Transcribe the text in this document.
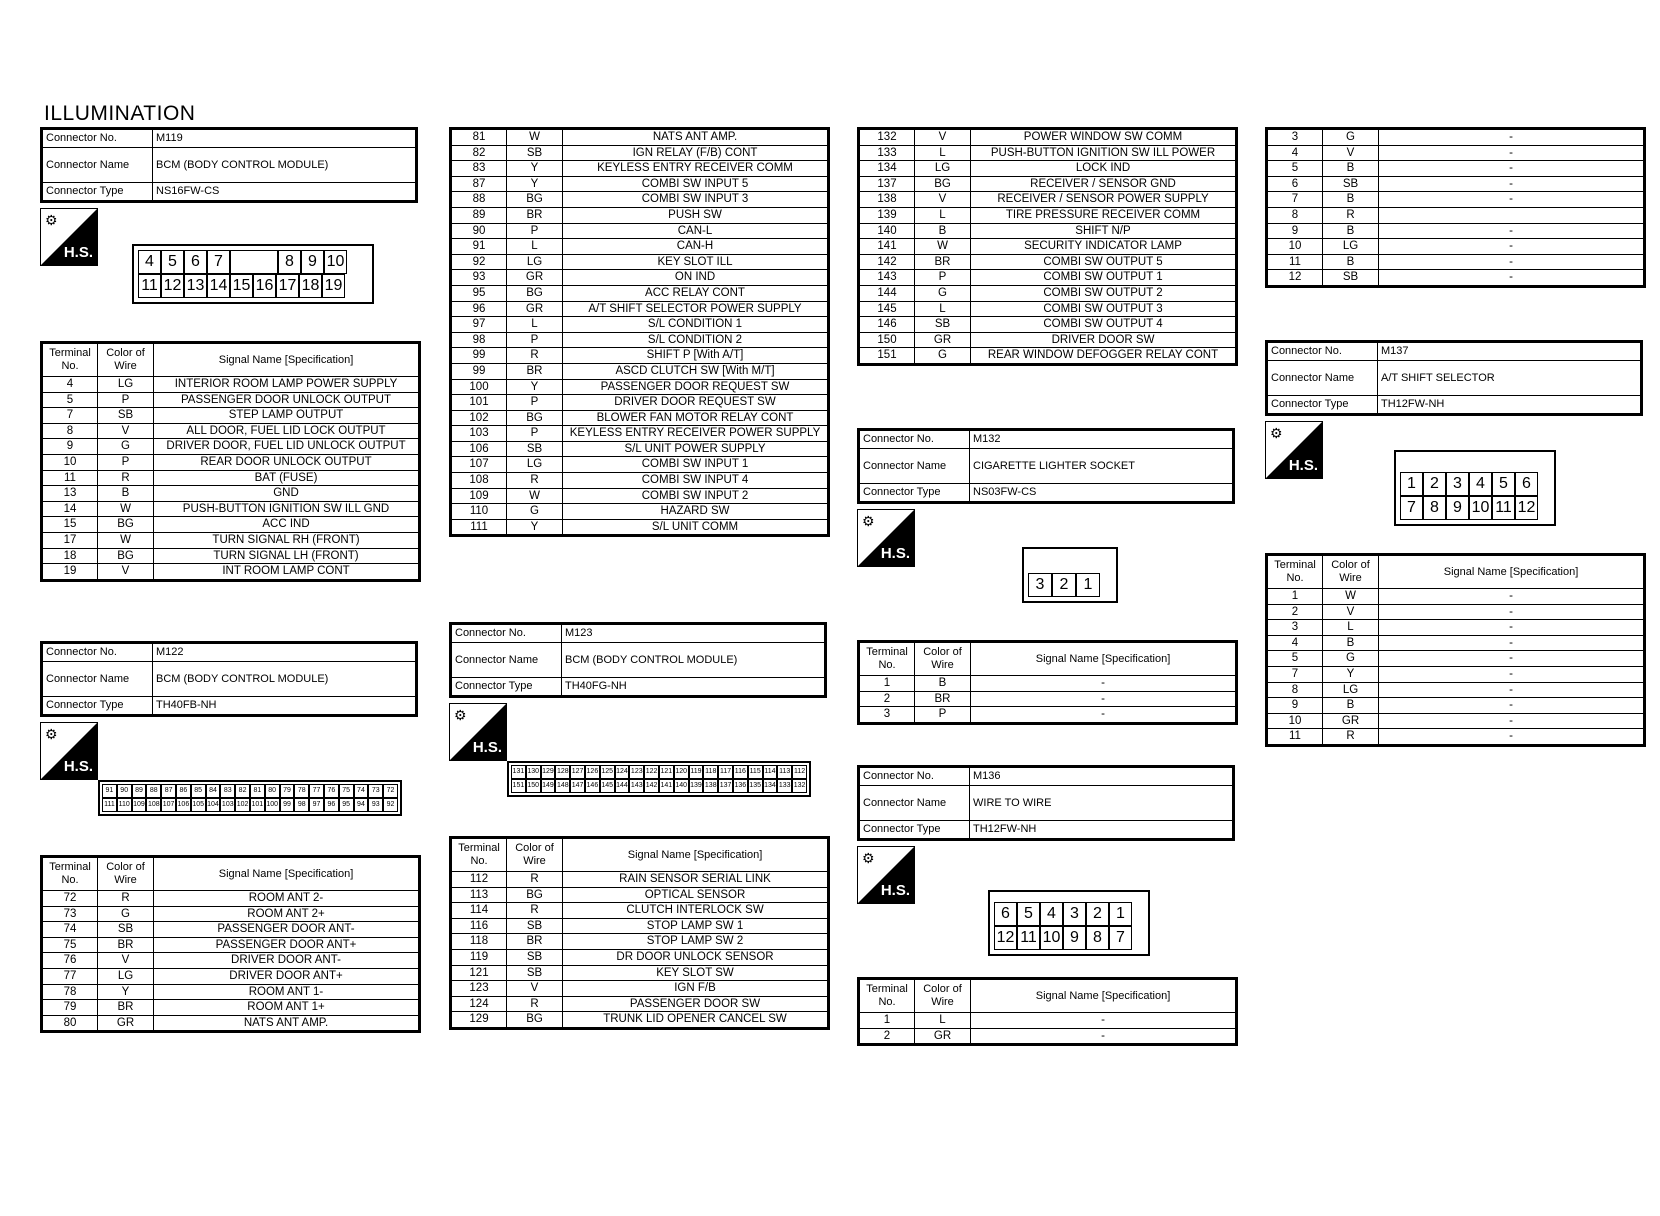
ILLUMINATION
Connector No.	M119
Connector Name	BCM (BODY CONTROL MODULE)
Connector Type	NS16FW-CS
⚙
H.S.
4 5 6 7	8 9 10
11 12 13 14 15 16 17 18 19
Terminal No.	Color of Wire	Signal Name [Specification]
4	LG	INTERIOR ROOM LAMP POWER SUPPLY
5	P	PASSENGER DOOR UNLOCK OUTPUT
7	SB	STEP LAMP OUTPUT
8	V	ALL DOOR, FUEL LID LOCK OUTPUT
9	G	DRIVER DOOR, FUEL LID UNLOCK OUTPUT
10	P	REAR DOOR UNLOCK OUTPUT
11	R	BAT (FUSE)
13	B	GND
14	W	PUSH-BUTTON IGNITION SW ILL GND
15	BG	ACC IND
17	W	TURN SIGNAL RH (FRONT)
18	BG	TURN SIGNAL LH (FRONT)
19	V	INT ROOM LAMP CONT
Connector No.	M122
Connector Name	BCM (BODY CONTROL MODULE)
Connector Type	TH40FB-NH
⚙
H.S.
91	90	89	88	87	86	85	84	83	82	81	80	79	78	77	76	75	74	73	72
111 110 109 108 107 106 105 104 103 102 101 100 99	98	97	96	95	94	93	92
Terminal No.	Color of Wire	Signal Name [Specification]
72	R	ROOM ANT 2-
73	G	ROOM ANT 2+
74	SB	PASSENGER DOOR ANT-
75	BR	PASSENGER DOOR ANT+
76	V	DRIVER DOOR ANT-
77	LG	DRIVER DOOR ANT+
78	Y	ROOM ANT 1-
79	BR	ROOM ANT 1+
80	GR	NATS ANT AMP.
81	W	NATS ANT AMP.
82	SB	IGN RELAY (F/B) CONT
83	Y	KEYLESS ENTRY RECEIVER COMM
87	Y	COMBI SW INPUT 5
88	BG	COMBI SW INPUT 3
89	BR	PUSH SW
90	P	CAN-L
91	L	CAN-H
92	LG	KEY SLOT ILL
93	GR	ON IND
95	BG	ACC RELAY CONT
96	GR	A/T SHIFT SELECTOR POWER SUPPLY
97	L	S/L CONDITION 1
98	P	S/L CONDITION 2
99	R	SHIFT P [With A/T]
99	BR	ASCD CLUTCH SW [With M/T]
100	Y	PASSENGER DOOR REQUEST SW
101	P	DRIVER DOOR REQUEST SW
102	BG	BLOWER FAN MOTOR RELAY CONT
103	P	KEYLESS ENTRY RECEIVER POWER SUPPLY
106	SB	S/L UNIT POWER SUPPLY
107	LG	COMBI SW INPUT 1
108	R	COMBI SW INPUT 4
109	W	COMBI SW INPUT 2
110	G	HAZARD SW
111	Y	S/L UNIT COMM
Connector No.	M123
Connector Name	BCM (BODY CONTROL MODULE)
Connector Type	TH40FG-NH
⚙
H.S.
131 130 129 128 127 126 125 124 123 122 121 120 119 118 117 116 115 114 113 112
151 150 149 148 147 146 145 144 143 142 141 140 139 138 137 136 135 134 133 132
Terminal No.	Color of Wire	Signal Name [Specification]
112	R	RAIN SENSOR SERIAL LINK
113	BG	OPTICAL SENSOR
114	R	CLUTCH INTERLOCK SW
116	SB	STOP LAMP SW 1
118	BR	STOP LAMP SW 2
119	SB	DR DOOR UNLOCK SENSOR
121	SB	KEY SLOT SW
123	V	IGN F/B
124	R	PASSENGER DOOR SW
129	BG	TRUNK LID OPENER CANCEL SW
132	V	POWER WINDOW SW COMM
133	L	PUSH-BUTTON IGNITION SW ILL POWER
134	LG	LOCK IND
137	BG	RECEIVER / SENSOR GND
138	V	RECEIVER / SENSOR POWER SUPPLY
139	L	TIRE PRESSURE RECEIVER COMM
140	B	SHIFT N/P
141	W	SECURITY INDICATOR LAMP
142	BR	COMBI SW OUTPUT 5
143	P	COMBI SW OUTPUT 1
144	G	COMBI SW OUTPUT 2
145	L	COMBI SW OUTPUT 3
146	SB	COMBI SW OUTPUT 4
150	GR	DRIVER DOOR SW
151	G	REAR WINDOW DEFOGGER RELAY CONT
Connector No.	M132
Connector Name	CIGARETTE LIGHTER SOCKET
Connector Type	NS03FW-CS
⚙
H.S.
3 2 1
Terminal No.	Color of Wire	Signal Name [Specification]
1	B	-
2	BR	-
3	P	-
Connector No.	M136
Connector Name	WIRE TO WIRE
Connector Type	TH12FW-NH
⚙
H.S.
6 5 4 3 2 1
12 11 10 9 8 7
Terminal No.	Color of Wire	Signal Name [Specification]
1	L	-
2	GR	-
3	G	-
4	V	-
5	B	-
6	SB	-
7	B	-
8	R	
9	B	-
10	LG	-
11	B	-
12	SB	-
Connector No.	M137
Connector Name	A/T SHIFT SELECTOR
Connector Type	TH12FW-NH
⚙
H.S.
1 2 3 4 5 6
7 8 9 10 11 12
Terminal No.	Color of Wire	Signal Name [Specification]
1	W	-
2	V	-
3	L	-
4	B	-
5	G	-
7	Y	-
8	LG	-
9	B	-
10	GR	-
11	R	-
